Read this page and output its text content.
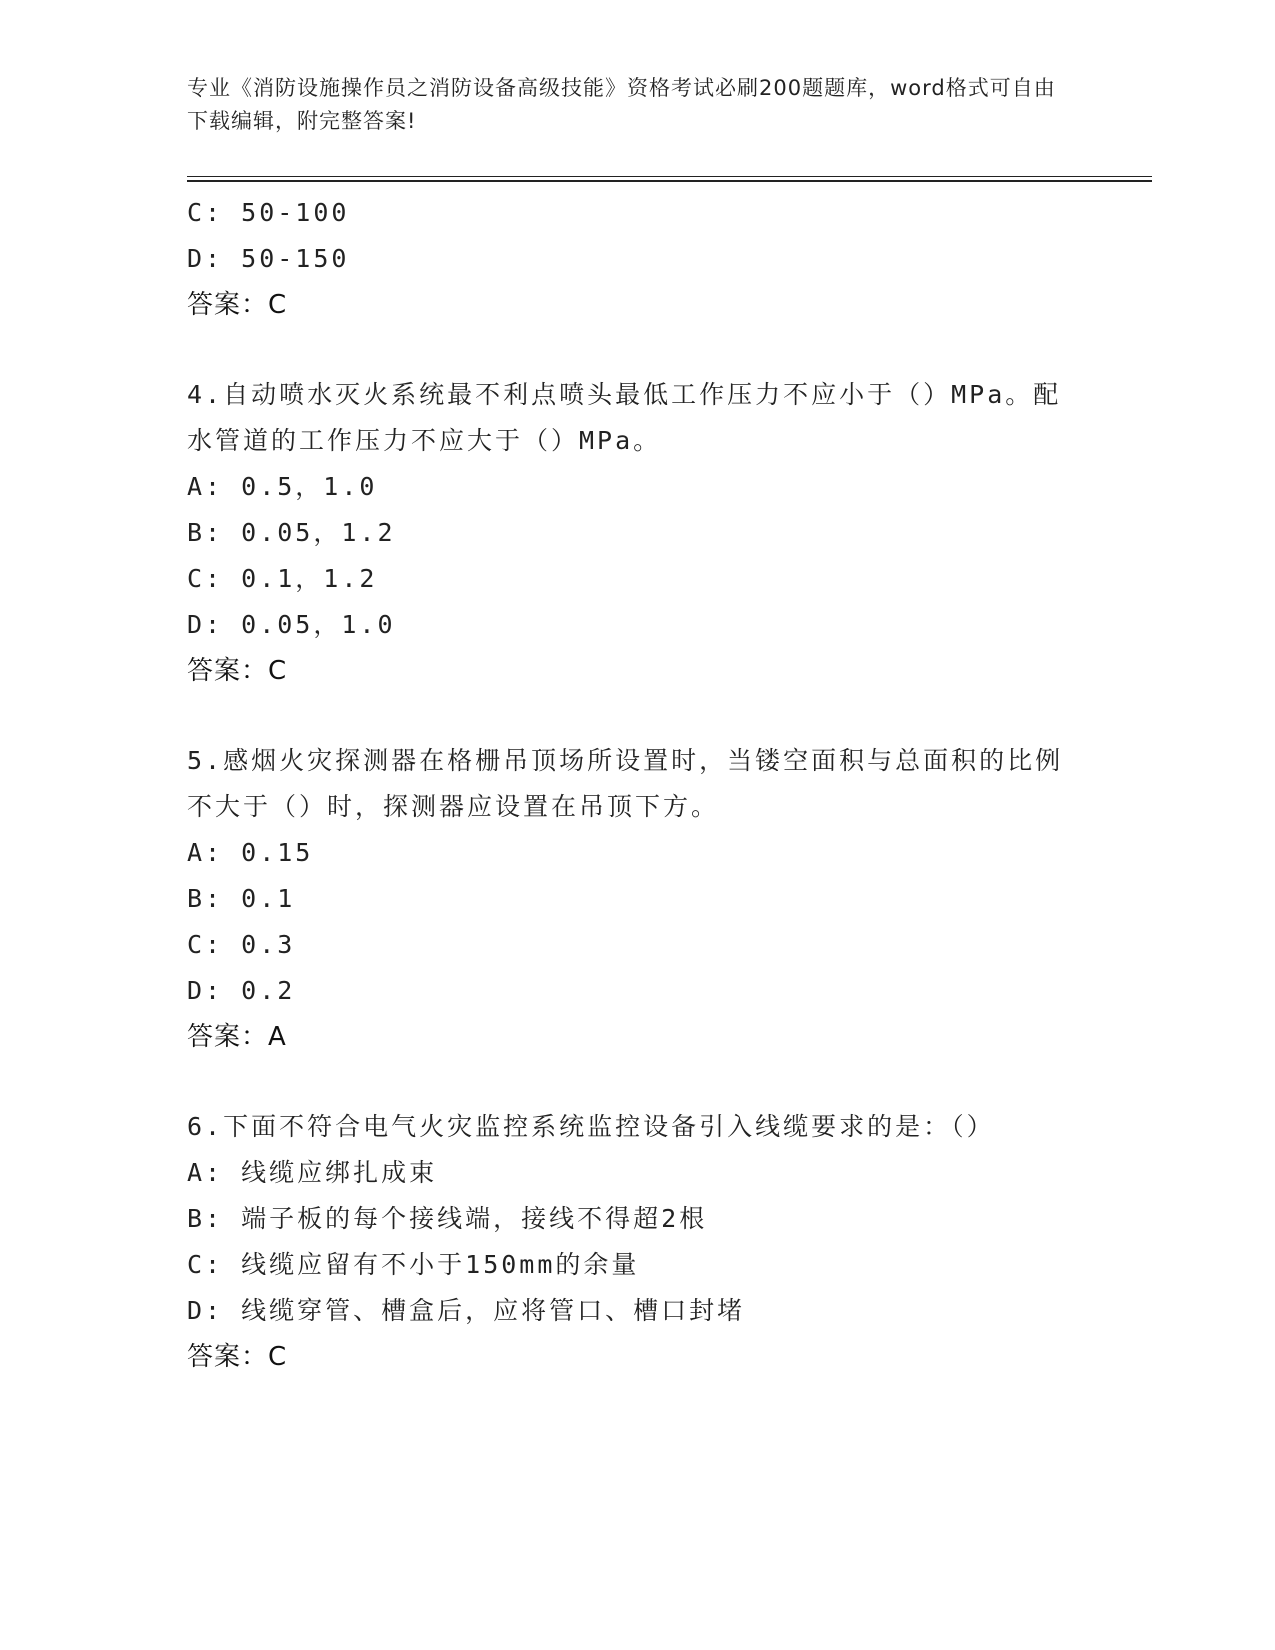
专业《消防设施操作员之消防设备高级技能》资格考试必刷200题题库，word格式可自由下载编辑，附完整答案!
C: 50-100
D: 50-150
答案：C
4.自动喷水灭火系统最不利点喷头最低工作压力不应小于（）MPa。配水管道的工作压力不应大于（）MPa。
A: 0.5，1.0
B: 0.05，1.2
C: 0.1，1.2
D: 0.05，1.0
答案：C
5.感烟火灾探测器在格栅吊顶场所设置时，当镂空面积与总面积的比例不大于（）时，探测器应设置在吊顶下方。
A: 0.15
B: 0.1
C: 0.3
D: 0.2
答案：A
6.下面不符合电气火灾监控系统监控设备引入线缆要求的是：（）
A: 线缆应绑扎成束
B: 端子板的每个接线端，接线不得超2根
C: 线缆应留有不小于150mm的余量
D: 线缆穿管、槽盒后，应将管口、槽口封堵
答案：C
